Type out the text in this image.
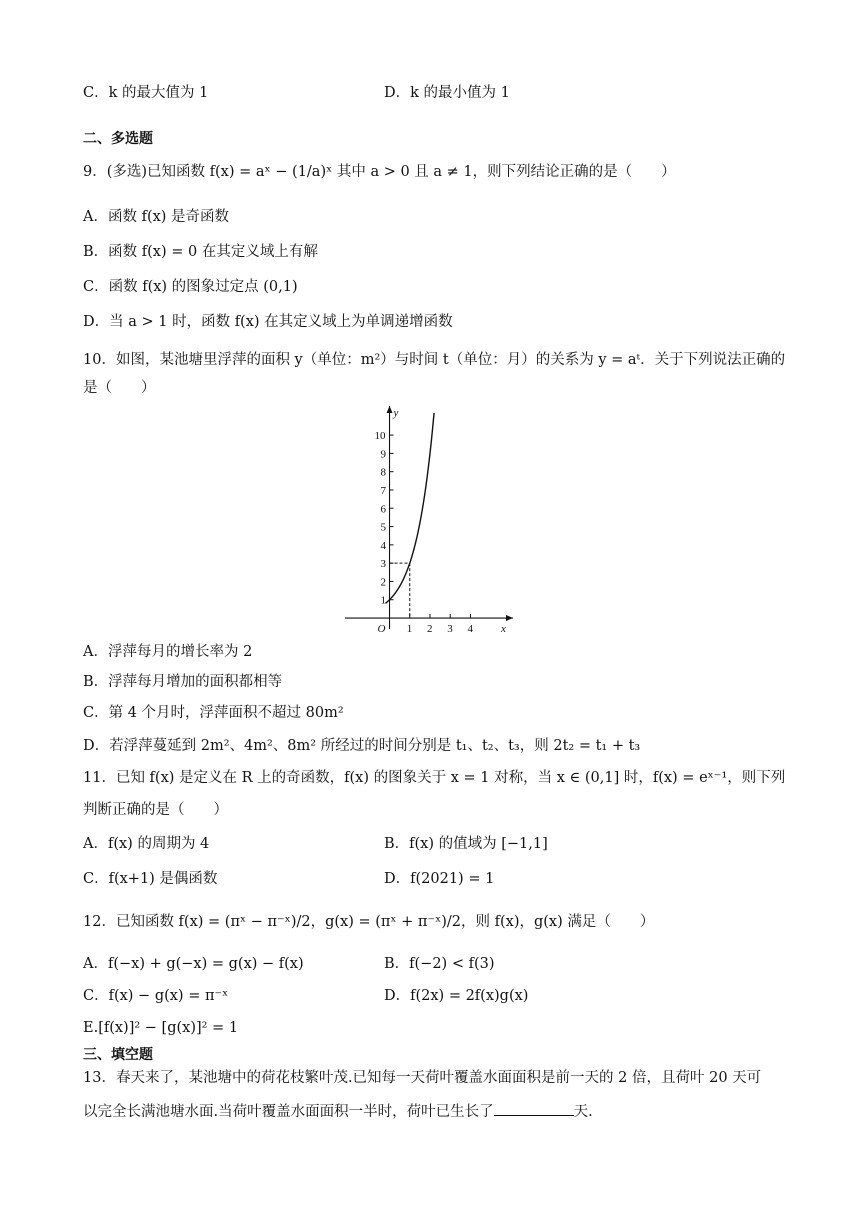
C．k 的最大值为 1	D．k 的最小值为 1
二、多选题
9．(多选)已知函数 f(x) = aˣ − (1/a)ˣ 其中 a > 0 且 a ≠ 1，则下列结论正确的是（　　）
A．函数 f(x) 是奇函数
B．函数 f(x) = 0 在其定义域上有解
C．函数 f(x) 的图象过定点 (0,1)
D．当 a > 1 时，函数 f(x) 在其定义域上为单调递增函数
10．如图，某池塘里浮萍的面积 y（单位：m²）与时间 t（单位：月）的关系为 y = aᵗ．关于下列说法正确的
是（　　）
x
y
O 1 2 3 4
1
2
3
4
5
6
7
8
9
10
A．浮萍每月的增长率为 2
B．浮萍每月增加的面积都相等
C．第 4 个月时，浮萍面积不超过 80m²
D．若浮萍蔓延到 2m²、4m²、8m² 所经过的时间分别是 t₁、t₂、t₃，则 2t₂ = t₁ + t₃
11．已知 f(x) 是定义在 R 上的奇函数，f(x) 的图象关于 x = 1 对称，当 x ∈ (0,1] 时，f(x) = eˣ⁻¹，则下列
判断正确的是（　　）
A．f(x) 的周期为 4	B．f(x) 的值域为 [−1,1]
C．f(x+1) 是偶函数	D．f(2021) = 1
12．已知函数 f(x) = (πˣ − π⁻ˣ)/2，g(x) = (πˣ + π⁻ˣ)/2，则 f(x)，g(x) 满足（　　）
A．f(−x) + g(−x) = g(x) − f(x)	B．f(−2) < f(3)
C．f(x) − g(x) = π⁻ˣ	D．f(2x) = 2f(x)g(x)
E.[f(x)]² − [g(x)]² = 1
三、填空题
13．春天来了，某池塘中的荷花枝繁叶茂.已知每一天荷叶覆盖水面面积是前一天的 2 倍，且荷叶 20 天可
以完全长满池塘水面.当荷叶覆盖水面面积一半时，荷叶已生长了	天.
